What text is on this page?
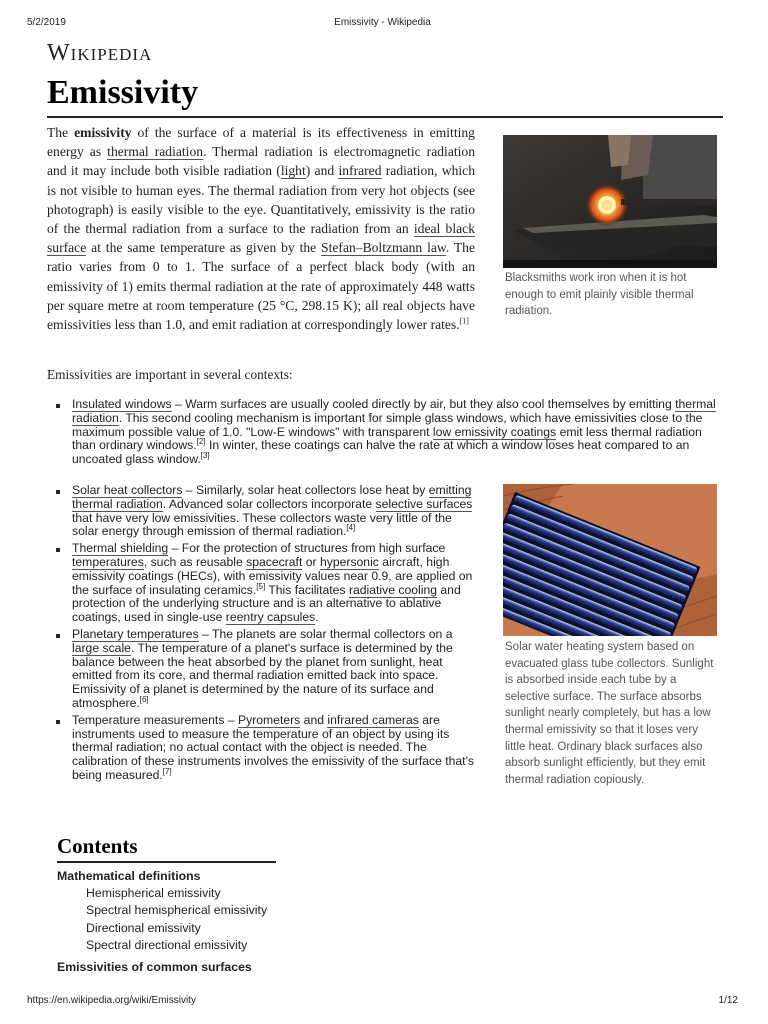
5/2/2019	Emissivity - Wikipedia
Wikipedia
Emissivity
The emissivity of the surface of a material is its effectiveness in emitting energy as thermal radiation. Thermal radiation is electromagnetic radiation and it may include both visible radiation (light) and infrared radiation, which is not visible to human eyes. The thermal radiation from very hot objects (see photograph) is easily visible to the eye. Quantitatively, emissivity is the ratio of the thermal radiation from a surface to the radiation from an ideal black surface at the same temperature as given by the Stefan–Boltzmann law. The ratio varies from 0 to 1. The surface of a perfect black body (with an emissivity of 1) emits thermal radiation at the rate of approximately 448 watts per square metre at room temperature (25 °C, 298.15 K); all real objects have emissivities less than 1.0, and emit radiation at correspondingly lower rates.[1]
Blacksmiths work iron when it is hot enough to emit plainly visible thermal radiation.
Emissivities are important in several contexts:
Insulated windows – Warm surfaces are usually cooled directly by air, but they also cool themselves by emitting thermal radiation. This second cooling mechanism is important for simple glass windows, which have emissivities close to the maximum possible value of 1.0. "Low-E windows" with transparent low emissivity coatings emit less thermal radiation than ordinary windows.[2] In winter, these coatings can halve the rate at which a window loses heat compared to an uncoated glass window.[3]
Solar water heating system based on evacuated glass tube collectors. Sunlight is absorbed inside each tube by a selective surface. The surface absorbs sunlight nearly completely, but has a low thermal emissivity so that it loses very little heat. Ordinary black surfaces also absorb sunlight efficiently, but they emit thermal radiation copiously.
Solar heat collectors – Similarly, solar heat collectors lose heat by emitting thermal radiation. Advanced solar collectors incorporate selective surfaces that have very low emissivities. These collectors waste very little of the solar energy through emission of thermal radiation.[4]
Thermal shielding – For the protection of structures from high surface temperatures, such as reusable spacecraft or hypersonic aircraft, high emissivity coatings (HECs), with emissivity values near 0.9, are applied on the surface of insulating ceramics.[5] This facilitates radiative cooling and protection of the underlying structure and is an alternative to ablative coatings, used in single-use reentry capsules.
Planetary temperatures – The planets are solar thermal collectors on a large scale. The temperature of a planet's surface is determined by the balance between the heat absorbed by the planet from sunlight, heat emitted from its core, and thermal radiation emitted back into space. Emissivity of a planet is determined by the nature of its surface and atmosphere.[6]
Temperature measurements – Pyrometers and infrared cameras are instruments used to measure the temperature of an object by using its thermal radiation; no actual contact with the object is needed. The calibration of these instruments involves the emissivity of the surface that's being measured.[7]
Contents
Mathematical definitions
Hemispherical emissivity
Spectral hemispherical emissivity
Directional emissivity
Spectral directional emissivity
Emissivities of common surfaces
https://en.wikipedia.org/wiki/Emissivity	1/12
